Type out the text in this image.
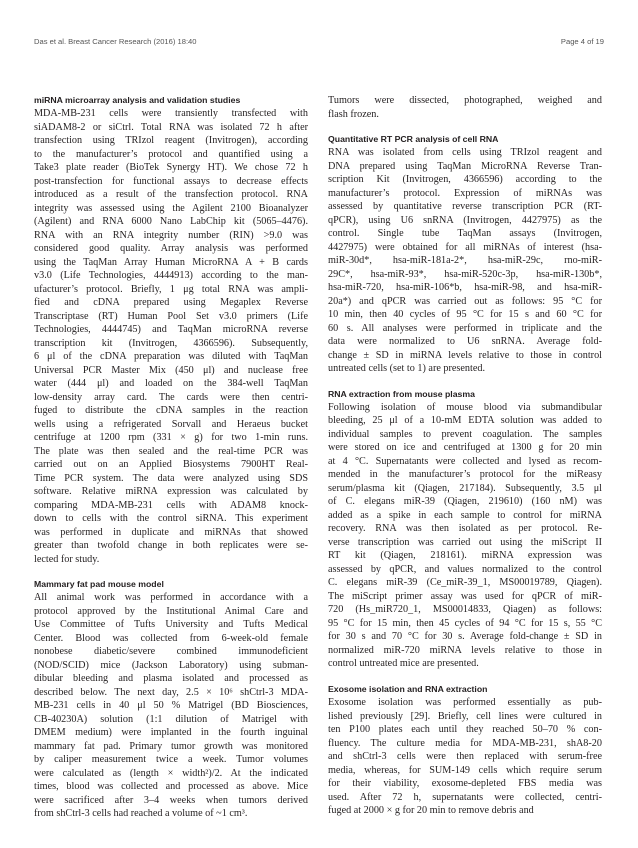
Das et al. Breast Cancer Research (2016) 18:40	Page 4 of 19
miRNA microarray analysis and validation studies
MDA-MB-231 cells were transiently transfected with
siADAM8-2 or siCtrl. Total RNA was isolated 72 h after
transfection using TRIzol reagent (Invitrogen), according
to the manufacturer’s protocol and quantified using a
Take3 plate reader (BioTek Synergy HT). We chose 72 h
post-transfection for functional assays to decrease effects
introduced as a result of the transfection protocol. RNA
integrity was assessed using the Agilent 2100 Bioanalyzer
(Agilent) and RNA 6000 Nano LabChip kit (5065–4476).
RNA with an RNA integrity number (RIN) >9.0 was
considered good quality. Array analysis was performed
using the TaqMan Array Human MicroRNA A + B cards
v3.0 (Life Technologies, 4444913) according to the man-
ufacturer’s protocol. Briefly, 1 μg total RNA was ampli-
fied and cDNA prepared using Megaplex Reverse
Transcriptase (RT) Human Pool Set v3.0 primers (Life
Technologies, 4444745) and TaqMan microRNA reverse
transcription kit (Invitrogen, 4366596). Subsequently,
6 μl of the cDNA preparation was diluted with TaqMan
Universal PCR Master Mix (450 μl) and nuclease free
water (444 μl) and loaded on the 384-well TaqMan
low-density array card. The cards were then centri-
fuged to distribute the cDNA samples in the reaction
wells using a refrigerated Sorvall and Heraeus bucket
centrifuge at 1200 rpm (331 × g) for two 1-min runs.
The plate was then sealed and the real-time PCR was
carried out on an Applied Biosystems 7900HT Real-
Time PCR system. The data were analyzed using SDS
software. Relative miRNA expression was calculated by
comparing MDA-MB-231 cells with ADAM8 knock-
down to cells with the control siRNA. This experiment
was performed in duplicate and miRNAs that showed
greater than twofold change in both replicates were se-
lected for study.
Mammary fat pad mouse model
All animal work was performed in accordance with a
protocol approved by the Institutional Animal Care and
Use Committee of Tufts University and Tufts Medical
Center. Blood was collected from 6-week-old female
nonobese diabetic/severe combined immunodeficient
(NOD/SCID) mice (Jackson Laboratory) using subman-
dibular bleeding and plasma isolated and processed as
described below. The next day, 2.5 × 10⁶ shCtrl-3 MDA-
MB-231 cells in 40 μl 50 % Matrigel (BD Biosciences,
CB-40230A) solution (1:1 dilution of Matrigel with
DMEM medium) were implanted in the fourth inguinal
mammary fat pad. Primary tumor growth was monitored
by caliper measurement twice a week. Tumor volumes
were calculated as (length × width²)/2. At the indicated
times, blood was collected and processed as above. Mice
were sacrificed after 3–4 weeks when tumors derived
from shCtrl-3 cells had reached a volume of ~1 cm³.
Tumors were dissected, photographed, weighed and
flash frozen.
Quantitative RT PCR analysis of cell RNA
RNA was isolated from cells using TRIzol reagent and
DNA prepared using TaqMan MicroRNA Reverse Tran-
scription Kit (Invitrogen, 4366596) according to the
manufacturer’s protocol. Expression of miRNAs was
assessed by quantitative reverse transcription PCR (RT-
qPCR), using U6 snRNA (Invitrogen, 4427975) as the
control. Single tube TaqMan assays (Invitrogen,
4427975) were obtained for all miRNAs of interest (hsa-
miR-30d*, hsa-miR-181a-2*, hsa-miR-29c, rno-miR-
29C*, hsa-miR-93*, hsa-miR-520c-3p, hsa-miR-130b*,
hsa-miR-720, hsa-miR-106*b, hsa-miR-98, and hsa-miR-
20a*) and qPCR was carried out as follows: 95 °C for
10 min, then 40 cycles of 95 °C for 15 s and 60 °C for
60 s. All analyses were performed in triplicate and the
data were normalized to U6 snRNA. Average fold-
change ± SD in miRNA levels relative to those in control
untreated cells (set to 1) are presented.
RNA extraction from mouse plasma
Following isolation of mouse blood via submandibular
bleeding, 25 μl of a 10-mM EDTA solution was added to
individual samples to prevent coagulation. The samples
were stored on ice and centrifuged at 1300 g for 20 min
at 4 °C. Supernatants were collected and lysed as recom-
mended in the manufacturer’s protocol for the miReasy
serum/plasma kit (Qiagen, 217184). Subsequently, 3.5 μl
of C. elegans miR-39 (Qiagen, 219610) (160 nM) was
added as a spike in each sample to control for miRNA
recovery. RNA was then isolated as per protocol. Re-
verse transcription was carried out using the miScript II
RT kit (Qiagen, 218161). miRNA expression was
assessed by qPCR, and values normalized to the control
C. elegans miR-39 (Ce_miR-39_1, MS00019789, Qiagen).
The miScript primer assay was used for qPCR of miR-
720 (Hs_miR720_1, MS00014833, Qiagen) as follows:
95 °C for 15 min, then 45 cycles of 94 °C for 15 s, 55 °C
for 30 s and 70 °C for 30 s. Average fold-change ± SD in
normalized miR-720 miRNA levels relative to those in
control untreated mice are presented.
Exosome isolation and RNA extraction
Exosome isolation was performed essentially as pub-
lished previously [29]. Briefly, cell lines were cultured in
ten P100 plates each until they reached 50–70 % con-
fluency. The culture media for MDA-MB-231, shA8-20
and shCtrl-3 cells were then replaced with serum-free
media, whereas, for SUM-149 cells which require serum
for their viability, exosome-depleted FBS media was
used. After 72 h, supernatants were collected, centri-
fuged at 2000 × g for 20 min to remove debris and
